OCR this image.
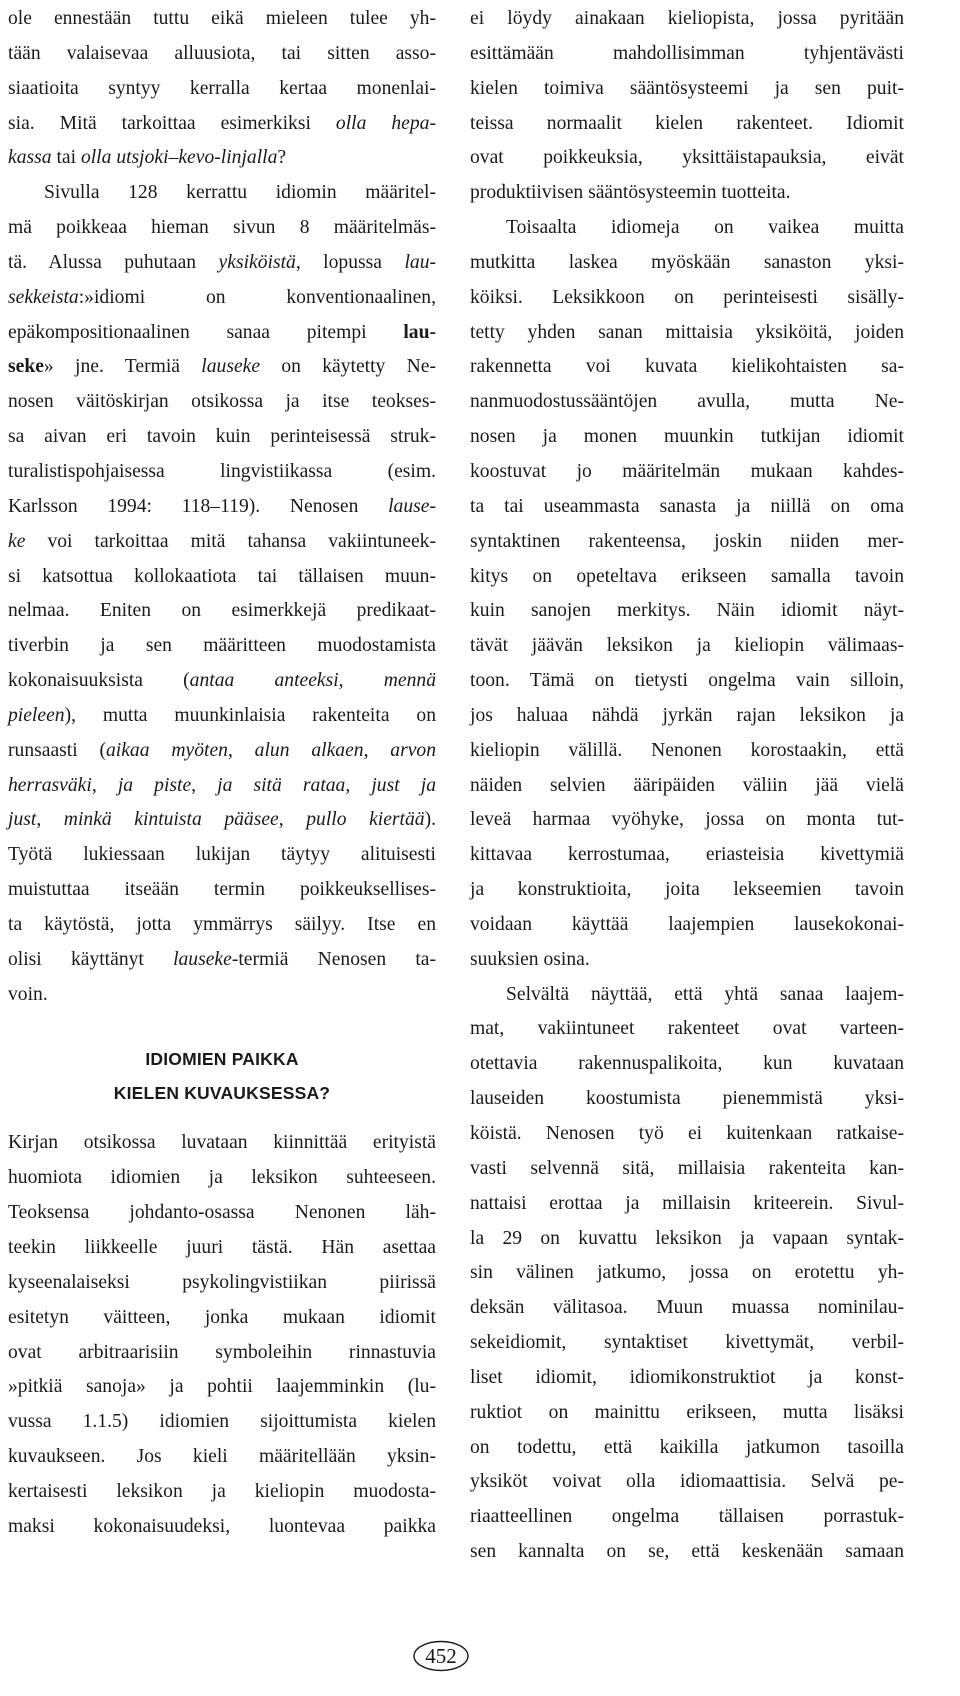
ole ennestään tuttu eikä mieleen tulee yh-
tään valaisevaa alluusiota, tai sitten asso-
siaatioita syntyy kerralla kertaa monenlai-
sia. Mitä tarkoittaa esimerkiksi olla hepa-
kassa tai olla utsjoki–kevo-linjalla?
Sivulla 128 kerrattu idiomin määritel-
mä poikkeaa hieman sivun 8 määritelmäs-
tä. Alussa puhutaan yksiköistä, lopussa lau-
sekkeista:»idiomi on konventionaalinen,
epäkompositionaalinen sanaa pitempi lau-
seke» jne. Termiä lauseke on käytetty Ne-
nosen väitöskirjan otsikossa ja itse teokses-
sa aivan eri tavoin kuin perinteisessä struk-
turalistispohjaisessa lingvistiikassa (esim.
Karlsson 1994: 118–119). Nenosen lause-
ke voi tarkoittaa mitä tahansa vakiintuneek-
si katsottua kollokaatiota tai tällaisen muun-
nelmaa. Eniten on esimerkkejä predikaat-
tiverbin ja sen määritteen muodostamista
kokonaisuuksista (antaa anteeksi, mennä
pieleen), mutta muunkinlaisia rakenteita on
runsaasti (aikaa myöten, alun alkaen, arvon
herrasväki, ja piste, ja sitä rataa, just ja
just, minkä kintuista pääsee, pullo kiertää).
Työtä lukiessaan lukijan täytyy alituisesti
muistuttaa itseään termin poikkeuksellises-
ta käytöstä, jotta ymmärrys säilyy. Itse en
olisi käyttänyt lauseke-termiä Nenosen ta-
voin.
IDIOMIEN PAIKKA
KIELEN KUVAUKSESSA?
Kirjan otsikossa luvataan kiinnittää erityistä
huomiota idiomien ja leksikon suhteeseen.
Teoksensa johdanto-osassa Nenonen läh-
teekin liikkeelle juuri tästä. Hän asettaa
kyseenalaiseksi psykolingvistiikan piirissä
esitetyn väitteen, jonka mukaan idiomit
ovat arbitraarisiin symboleihin rinnastuvia
»pitkiä sanoja» ja pohtii laajemminkin (lu-
vussa 1.1.5) idiomien sijoittumista kielen
kuvaukseen. Jos kieli määritellään yksin-
kertaisesti leksikon ja kieliopin muodosta-
maksi kokonaisuudeksi, luontevaa paikka
ei löydy ainakaan kieliopista, jossa pyritään
esittämään mahdollisimman tyhjentävästi
kielen toimiva sääntösysteemi ja sen puit-
teissa normaalit kielen rakenteet. Idiomit
ovat poikkeuksia, yksittäistapauksia, eivät
produktiivisen sääntösysteemin tuotteita.
Toisaalta idiomeja on vaikea muitta
mutkitta laskea myöskään sanaston yksi-
köiksi. Leksikkoon on perinteisesti sisälly-
tetty yhden sanan mittaisia yksiköitä, joiden
rakennetta voi kuvata kielikohtaisten sa-
nanmuodostussääntöjen avulla, mutta Ne-
nosen ja monen muunkin tutkijan idiomit
koostuvat jo määritelmän mukaan kahdes-
ta tai useammasta sanasta ja niillä on oma
syntaktinen rakenteensa, joskin niiden mer-
kitys on opeteltava erikseen samalla tavoin
kuin sanojen merkitys. Näin idiomit näyt-
tävät jäävän leksikon ja kieliopin välimaas-
toon. Tämä on tietysti ongelma vain silloin,
jos haluaa nähdä jyrkän rajan leksikon ja
kieliopin välillä. Nenonen korostaakin, että
näiden selvien ääripäiden väliin jää vielä
leveä harmaa vyöhyke, jossa on monta tut-
kittavaa kerrostumaa, eriasteisia kivettymiä
ja konstruktioita, joita lekseemien tavoin
voidaan käyttää laajempien lausekokonai-
suuksien osina.
Selvältä näyttää, että yhtä sanaa laajem-
mat, vakiintuneet rakenteet ovat varteen-
otettavia rakennuspalikoita, kun kuvataan
lauseiden koostumista pienemmistä yksi-
köistä. Nenosen työ ei kuitenkaan ratkaise-
vasti selvennä sitä, millaisia rakenteita kan-
nattaisi erottaa ja millaisin kriteerein. Sivul-
la 29 on kuvattu leksikon ja vapaan syntak-
sin välinen jatkumo, jossa on erotettu yh-
deksän välitasoa. Muun muassa nominilau-
sekeidiomit, syntaktiset kivettymät, verbil-
liset idiomit, idiomikonstruktiot ja konst-
ruktiot on mainittu erikseen, mutta lisäksi
on todettu, että kaikilla jatkumon tasoilla
yksiköt voivat olla idiomaattisia. Selvä pe-
riaatteellinen ongelma tällaisen porrastuk-
sen kannalta on se, että keskenään samaan
452
